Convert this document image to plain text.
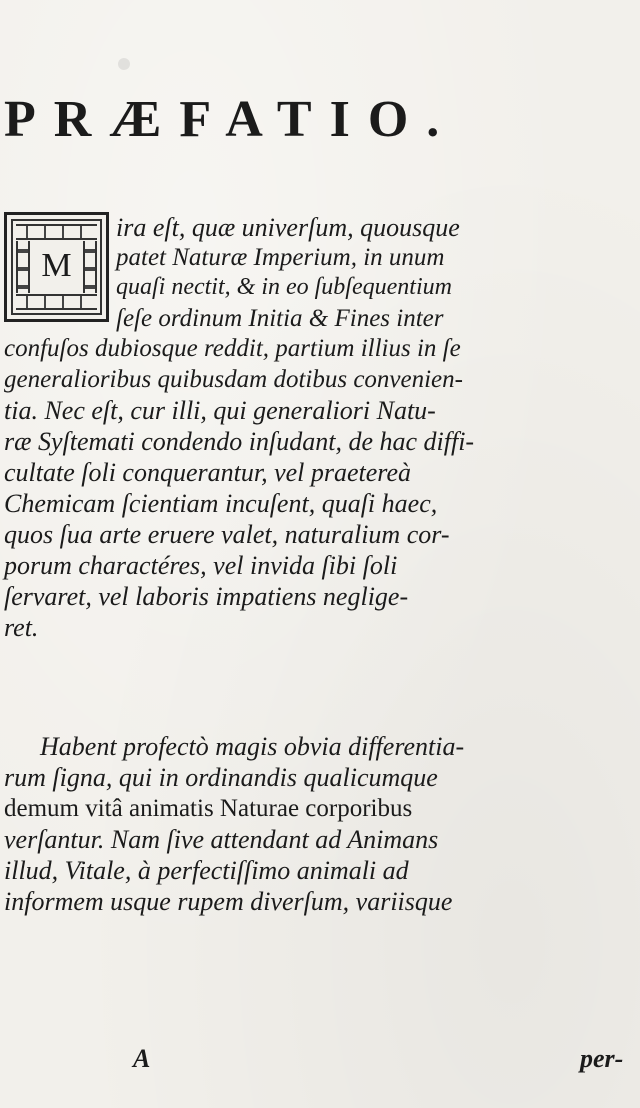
PRÆFATIO.
M
ira eſt, quæ univerſum, quousque
patet Naturæ Imperium, in unum
quaſi nectit, & in eo ſubſequentium
ſeſe ordinum Initia & Fines inter
confuſos dubiosque reddit, partium illius in ſe
generalioribus quibusdam dotibus convenien-
tia. Nec eſt, cur illi, qui generaliori Natu-
ræ Syſtemati condendo inſudant, de hac diffi-
cultate ſoli conquerantur, vel praetereà
Chemicam ſcientiam incuſent, quaſi haec,
quos ſua arte eruere valet, naturalium cor-
porum charactéres, vel invida ſibi ſoli
ſervaret, vel laboris impatiens neglige-
ret.
Habent profectò magis obvia differentia-
rum ſigna, qui in ordinandis qualicumque
demum vitâ animatis Naturae corporibus
verſantur. Nam ſive attendant ad Animans
illud, Vitale, à perfectiſſimo animali ad
informem usque rupem diverſum, variisque
A	per-
